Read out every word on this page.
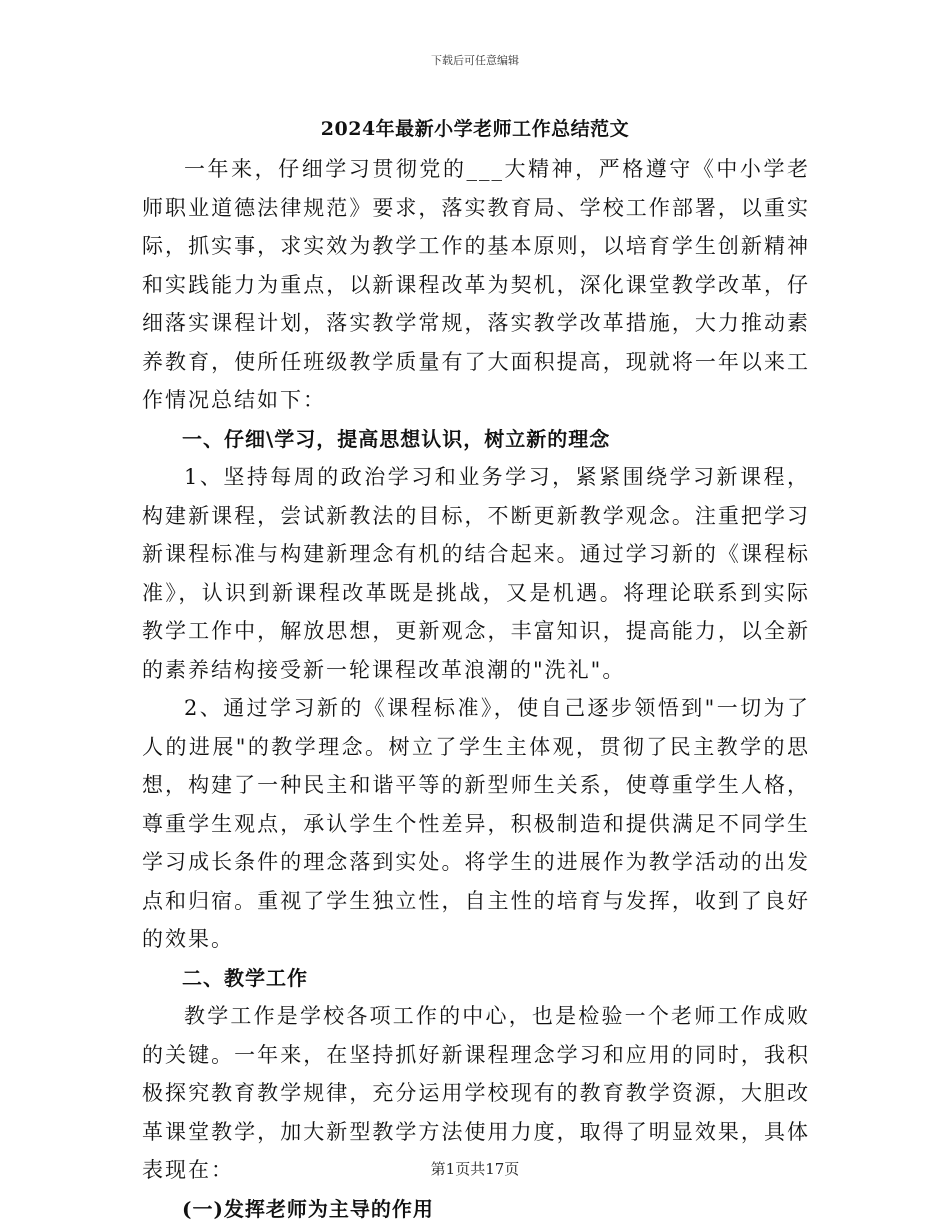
下载后可任意编辑
2024年最新小学老师工作总结范文

一年来，仔细学习贯彻党的___大精神，严格遵守《中小学老师职业道德法律规范》要求，落实教育局、学校工作部署，以重实际，抓实事，求实效为教学工作的基本原则，以培育学生创新精神和实践能力为重点，以新课程改革为契机，深化课堂教学改革，仔细落实课程计划，落实教学常规，落实教学改革措施，大力推动素养教育，使所任班级教学质量有了大面积提高，现就将一年以来工作情况总结如下：

一、仔细\学习，提高思想认识，树立新的理念

1、坚持每周的政治学习和业务学习，紧紧围绕学习新课程，构建新课程，尝试新教法的目标，不断更新教学观念。注重把学习新课程标准与构建新理念有机的结合起来。通过学习新的《课程标准》，认识到新课程改革既是挑战，又是机遇。将理论联系到实际教学工作中，解放思想，更新观念，丰富知识，提高能力，以全新的素养结构接受新一轮课程改革浪潮的"洗礼"。

2、通过学习新的《课程标准》，使自己逐步领悟到"一切为了人的进展"的教学理念。树立了学生主体观，贯彻了民主教学的思想，构建了一种民主和谐平等的新型师生关系，使尊重学生人格，尊重学生观点，承认学生个性差异，积极制造和提供满足不同学生学习成长条件的理念落到实处。将学生的进展作为教学活动的出发点和归宿。重视了学生独立性，自主性的培育与发挥，收到了良好的效果。

二、教学工作

教学工作是学校各项工作的中心，也是检验一个老师工作成败的关键。一年来，在坚持抓好新课程理念学习和应用的同时，我积极探究教育教学规律，充分运用学校现有的教育教学资源，大胆改革课堂教学，加大新型教学方法使用力度，取得了明显效果，具体表现在：

(一)发挥老师为主导的作用

第1页共17页
